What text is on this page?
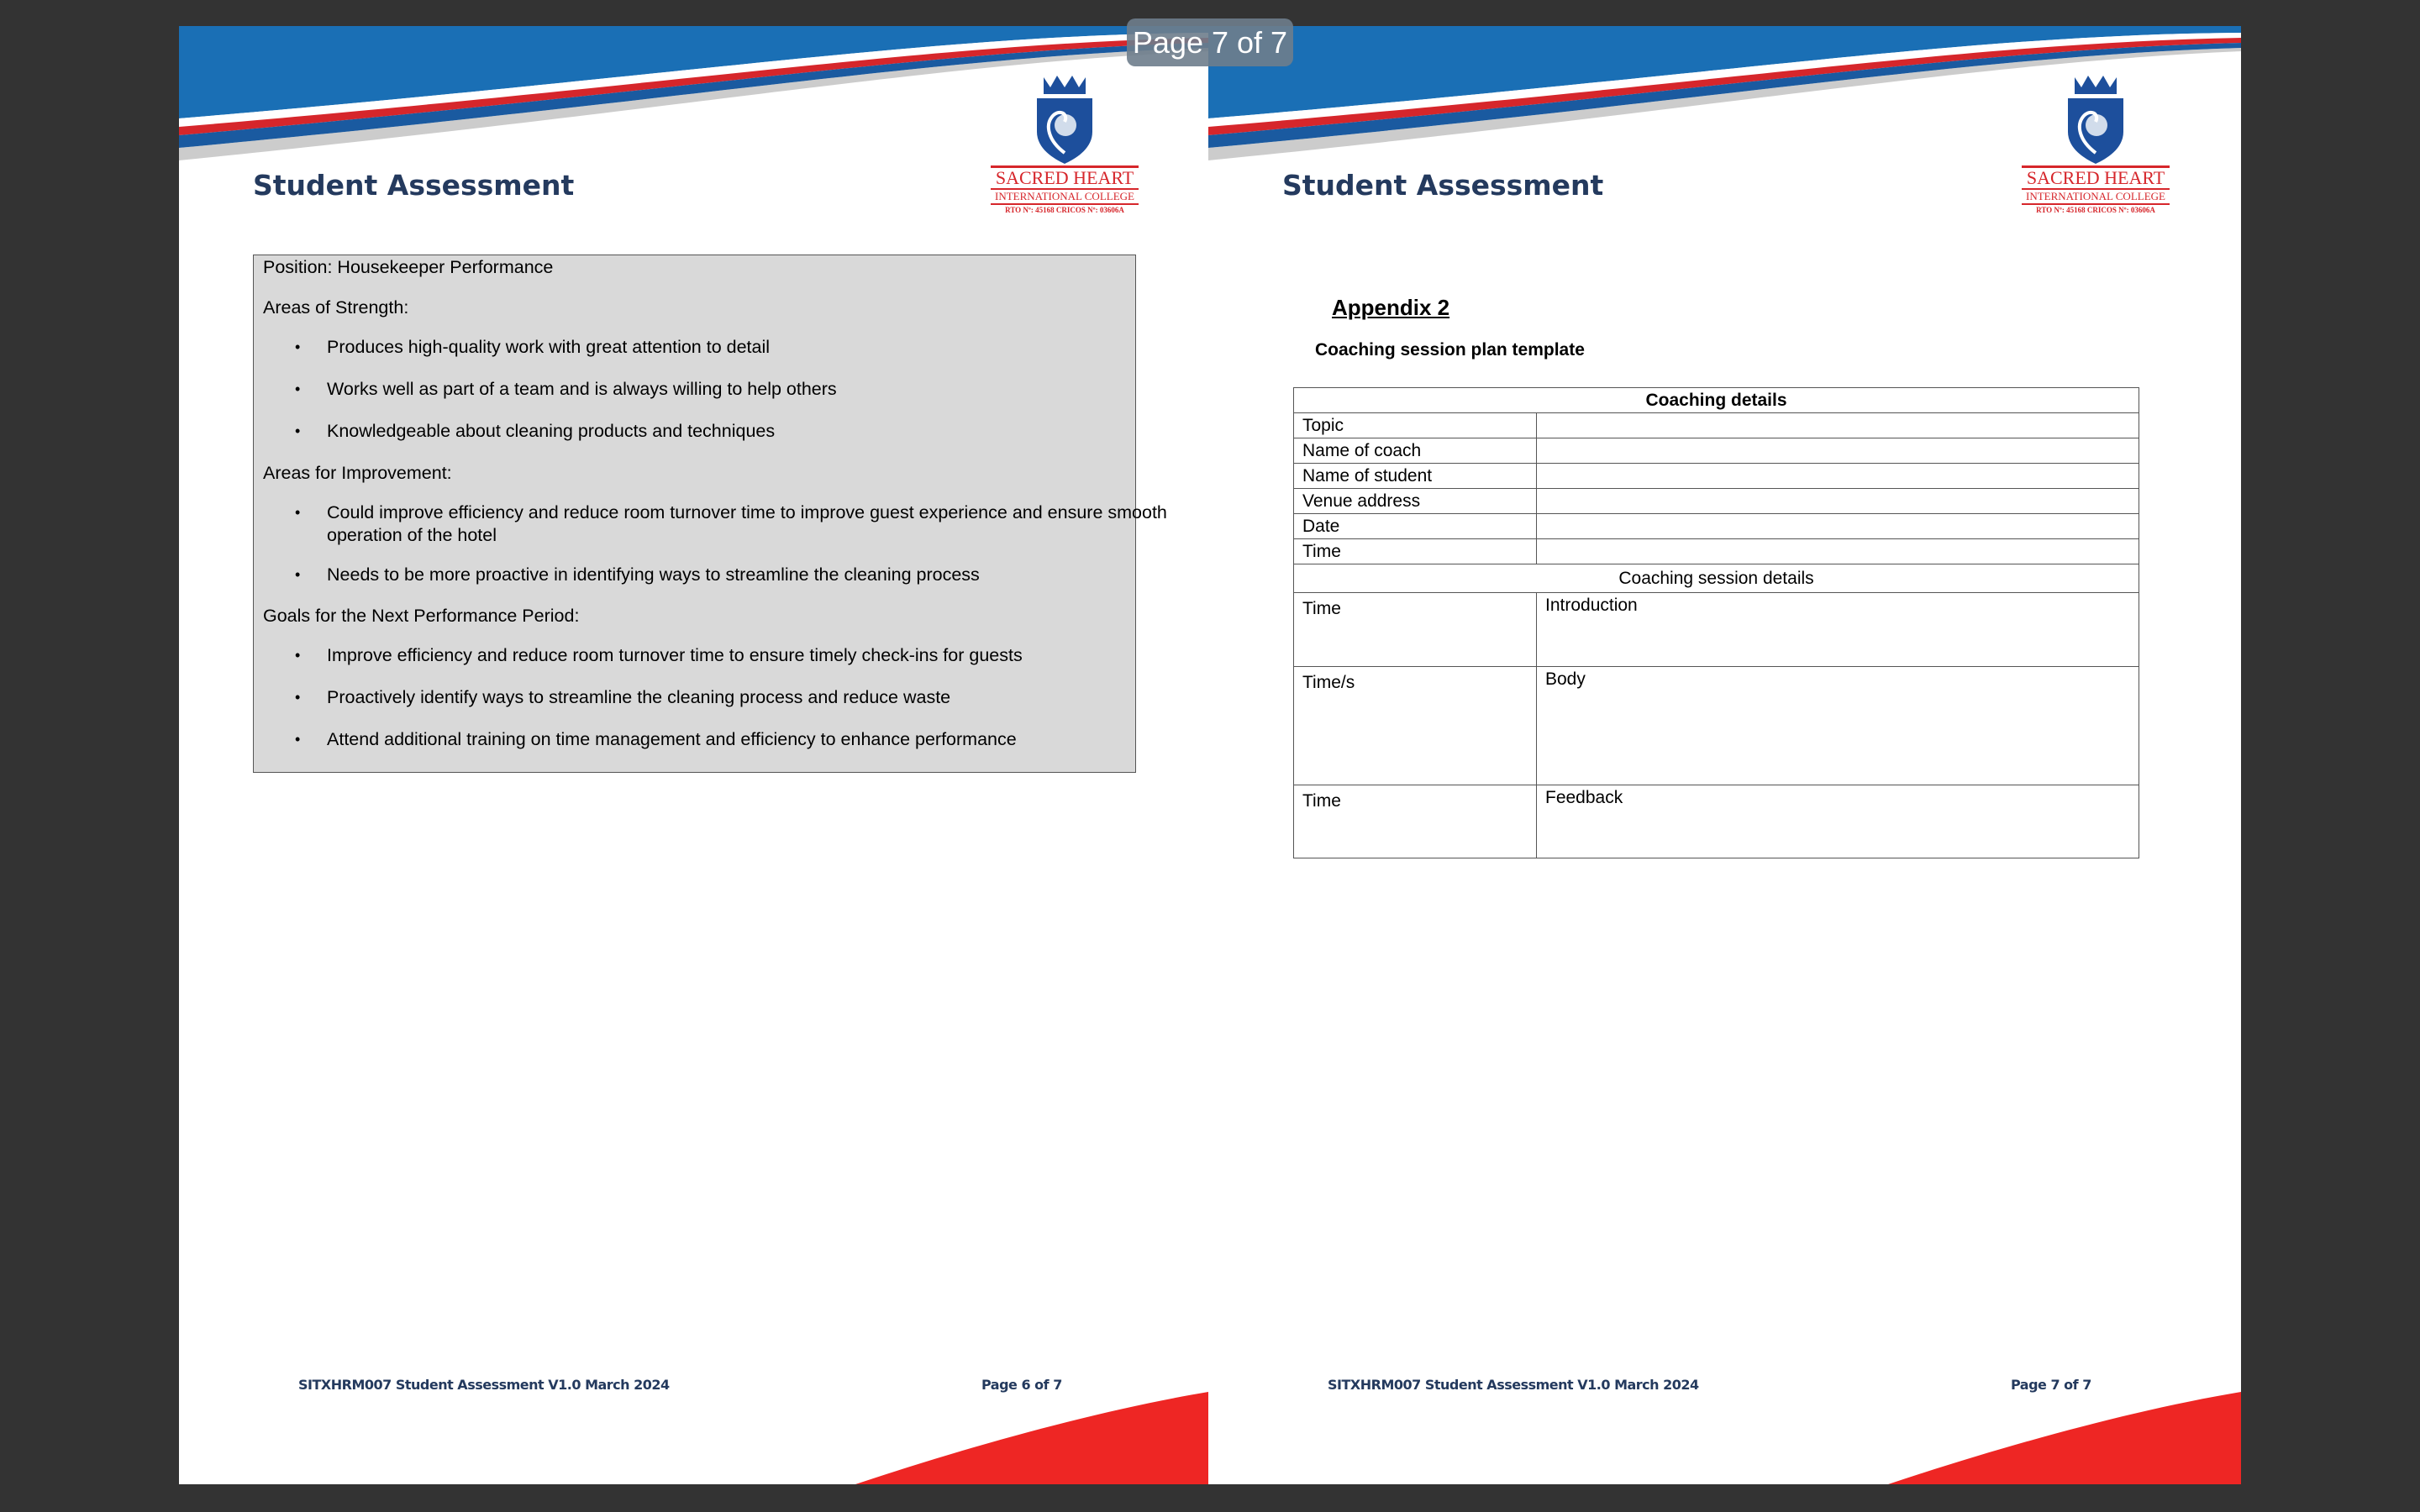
Student Assessment	SACRED HEART
INTERNATIONAL COLLEGE
RTO Nº: 45168 CRICOS Nº: 03606A
Position: Housekeeper Performance
Areas of Strength:
• Produces high-quality work with great attention to detail
• Works well as part of a team and is always willing to help others
• Knowledgeable about cleaning products and techniques
Areas for Improvement:
• Could improve efficiency and reduce room turnover time to improve guest experience and ensure smooth
operation of the hotel
• Needs to be more proactive in identifying ways to streamline the cleaning process
Goals for the Next Performance Period:
• Improve efficiency and reduce room turnover time to ensure timely check-ins for guests
• Proactively identify ways to streamline the cleaning process and reduce waste
• Attend additional training on time management and efficiency to enhance performance
SITXHRM007 Student Assessment V1.0 March 2024	Page 6 of 7
Student Assessment	SACRED HEART
INTERNATIONAL COLLEGE
RTO Nº: 45168 CRICOS Nº: 03606A
Appendix 2
Coaching session plan template
Coaching details	
Topic	
Name of coach	
Name of student	
Venue address	
Date	
Time	
Coaching session details	
Time	Introduction
Time/s	Body
Time	Feedback
SITXHRM007 Student Assessment V1.0 March 2024	Page 7 of 7
Page 7 of 7
